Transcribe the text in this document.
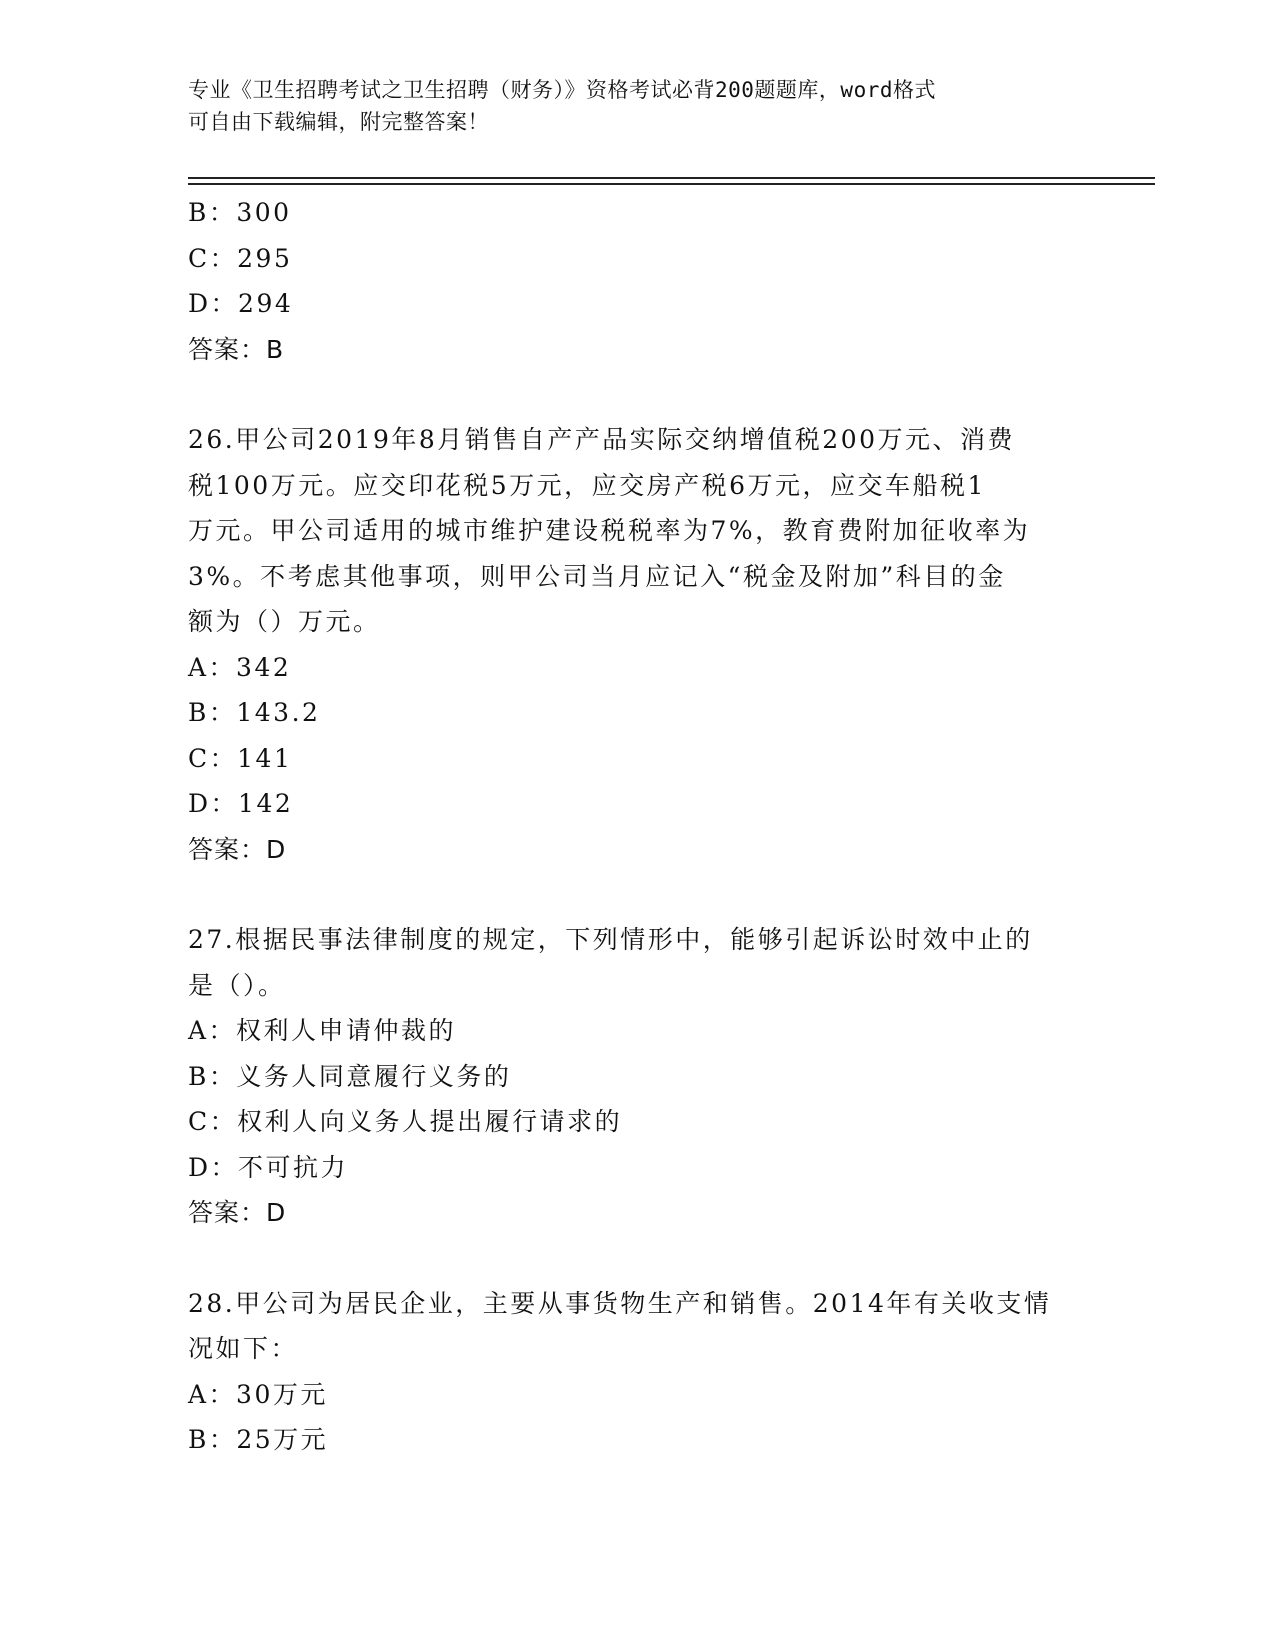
专业《卫生招聘考试之卫生招聘（财务）》资格考试必背200题题库，word格式
可自由下载编辑，附完整答案！
B：300
C：295
D：294
答案：B
26.甲公司2019年8月销售自产产品实际交纳增值税200万元、消费
税100万元。应交印花税5万元，应交房产税6万元，应交车船税1
万元。甲公司适用的城市维护建设税税率为7%，教育费附加征收率为
3%。不考虑其他事项，则甲公司当月应记入“税金及附加”科目的金
额为（）万元。
A：342
B：143.2
C：141
D：142
答案：D
27.根据民事法律制度的规定，下列情形中，能够引起诉讼时效中止的
是（）。
A：权利人申请仲裁的
B：义务人同意履行义务的
C：权利人向义务人提出履行请求的
D：不可抗力
答案：D
28.甲公司为居民企业，主要从事货物生产和销售。2014年有关收支情
况如下：
A：30万元
B：25万元
